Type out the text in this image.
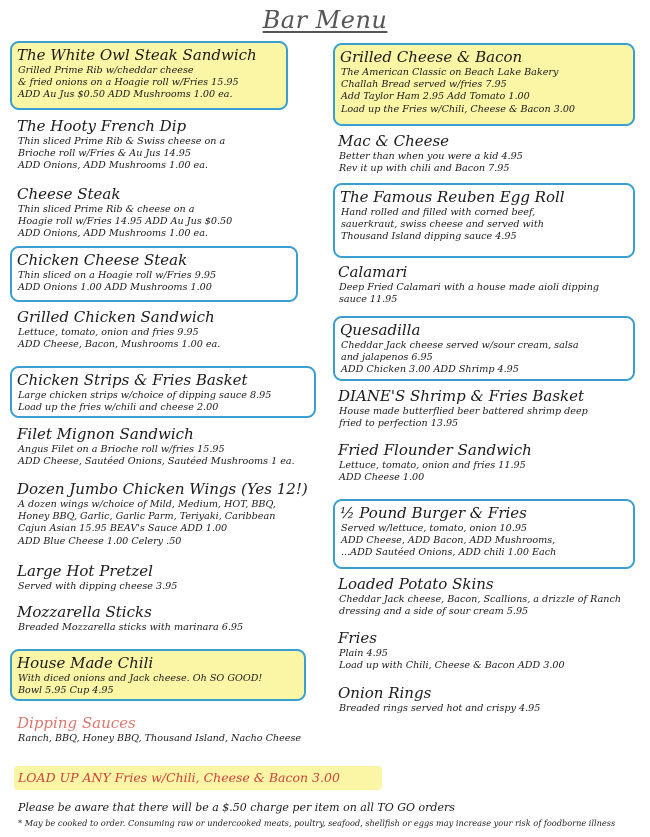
Bar Menu
The White Owl Steak Sandwich
Grilled Prime Rib w/cheddar cheese
& fried onions on a Hoagie roll w/Fries 15.95
ADD Au Jus $0.50 ADD Mushrooms 1.00 ea.
The Hooty French Dip
Thin sliced Prime Rib & Swiss cheese on a
Brioche roll w/Fries & Au Jus 14.95
ADD Onions, ADD Mushrooms 1.00 ea.
Cheese Steak
Thin sliced Prime Rib & cheese on a
Hoagie roll w/Fries 14.95 ADD Au Jus $0.50
ADD Onions, ADD Mushrooms 1.00 ea.
Chicken Cheese Steak
Thin sliced on a Hoagie roll w/Fries 9.95
ADD Onions 1.00 ADD Mushrooms 1.00
Grilled Chicken Sandwich
Lettuce, tomato, onion and fries 9.95
ADD Cheese, Bacon, Mushrooms 1.00 ea.
Chicken Strips & Fries Basket
Large chicken strips w/choice of dipping sauce 8.95
Load up the fries w/chili and cheese 2.00
Filet Mignon Sandwich
Angus Filet on a Brioche roll w/fries 15.95
ADD Cheese, Sautéed Onions, Sautéed Mushrooms 1 ea.
Dozen Jumbo Chicken Wings (Yes 12!)
A dozen wings w/choice of Mild, Medium, HOT, BBQ,
Honey BBQ, Garlic, Garlic Parm, Teriyaki, Caribbean
Cajun Asian 15.95 BEAV's Sauce ADD 1.00
ADD Blue Cheese 1.00 Celery .50
Large Hot Pretzel
Served with dipping cheese 3.95
Mozzarella Sticks
Breaded Mozzarella sticks with marinara 6.95
House Made Chili
With diced onions and Jack cheese. Oh SO GOOD!
Bowl 5.95 Cup 4.95
Dipping Sauces
Ranch, BBQ, Honey BBQ, Thousand Island, Nacho Cheese
Grilled Cheese & Bacon
The American Classic on Beach Lake Bakery
Challah Bread served w/fries 7.95
Add Taylor Ham 2.95 Add Tomato 1.00
Load up the Fries w/Chili, Cheese & Bacon 3.00
Mac & Cheese
Better than when you were a kid 4.95
Rev it up with chili and Bacon 7.95
The Famous Reuben Egg Roll
Hand rolled and filled with corned beef,
sauerkraut, swiss cheese and served with
Thousand Island dipping sauce 4.95
Calamari
Deep Fried Calamari with a house made aioli dipping
sauce 11.95
Quesadilla
Cheddar Jack cheese served w/sour cream, salsa
and jalapenos 6.95
ADD Chicken 3.00 ADD Shrimp 4.95
DIANE'S Shrimp & Fries Basket
House made butterflied beer battered shrimp deep
fried to perfection 13.95
Fried Flounder Sandwich
Lettuce, tomato, onion and fries 11.95
ADD Cheese 1.00
½ Pound Burger & Fries
Served w/lettuce, tomato, onion 10.95
ADD Cheese, ADD Bacon, ADD Mushrooms,
...ADD Sautéed Onions, ADD chili 1.00 Each
Loaded Potato Skins
Cheddar Jack cheese, Bacon, Scallions, a drizzle of Ranch
dressing and a side of sour cream 5.95
Fries
Plain 4.95
Load up with Chili, Cheese & Bacon ADD 3.00
Onion Rings
Breaded rings served hot and crispy 4.95
LOAD UP ANY Fries w/Chili, Cheese & Bacon 3.00
Please be aware that there will be a $.50 charge per item on all TO GO orders
* May be cooked to order. Consuming raw or undercooked meats, poultry, seafood, shellfish or eggs may increase your risk of foodborne illness
